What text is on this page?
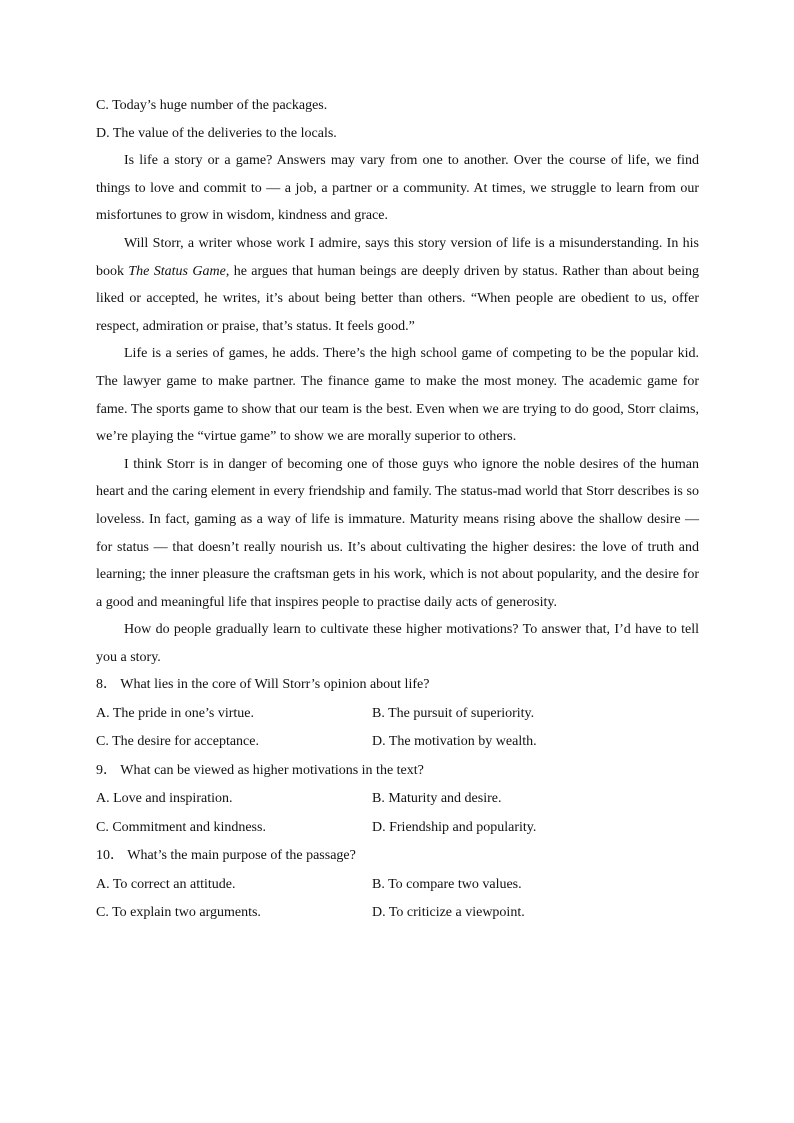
C. Today’s huge number of the packages.
D. The value of the deliveries to the locals.

Is life a story or a game? Answers may vary from one to another. Over the course of life, we find things to love and commit to — a job, a partner or a community. At times, we struggle to learn from our misfortunes to grow in wisdom, kindness and grace.

Will Storr, a writer whose work I admire, says this story version of life is a misunderstanding. In his book The Status Game, he argues that human beings are deeply driven by status. Rather than about being liked or accepted, he writes, it’s about being better than others. “When people are obedient to us, offer respect, admiration or praise, that’s status. It feels good.”

Life is a series of games, he adds. There’s the high school game of competing to be the popular kid. The lawyer game to make partner. The finance game to make the most money. The academic game for fame. The sports game to show that our team is the best. Even when we are trying to do good, Storr claims, we’re playing the “virtue game” to show we are morally superior to others.

I think Storr is in danger of becoming one of those guys who ignore the noble desires of the human heart and the caring element in every friendship and family. The status-mad world that Storr describes is so loveless. In fact, gaming as a way of life is immature. Maturity means rising above the shallow desire — for status — that doesn’t really nourish us. It’s about cultivating the higher desires: the love of truth and learning; the inner pleasure the craftsman gets in his work, which is not about popularity, and the desire for a good and meaningful life that inspires people to practise daily acts of generosity.

How do people gradually learn to cultivate these higher motivations? To answer that, I’d have to tell you a story.

8． What lies in the core of Will Storr’s opinion about life?
A. The pride in one’s virtue.	B. The pursuit of superiority.
C. The desire for acceptance.	D. The motivation by wealth.
9． What can be viewed as higher motivations in the text?
A. Love and inspiration.	B. Maturity and desire.
C. Commitment and kindness.	D. Friendship and popularity.
10． What’s the main purpose of the passage?
A. To correct an attitude.	B. To compare two values.
C. To explain two arguments.	D. To criticize a viewpoint.
